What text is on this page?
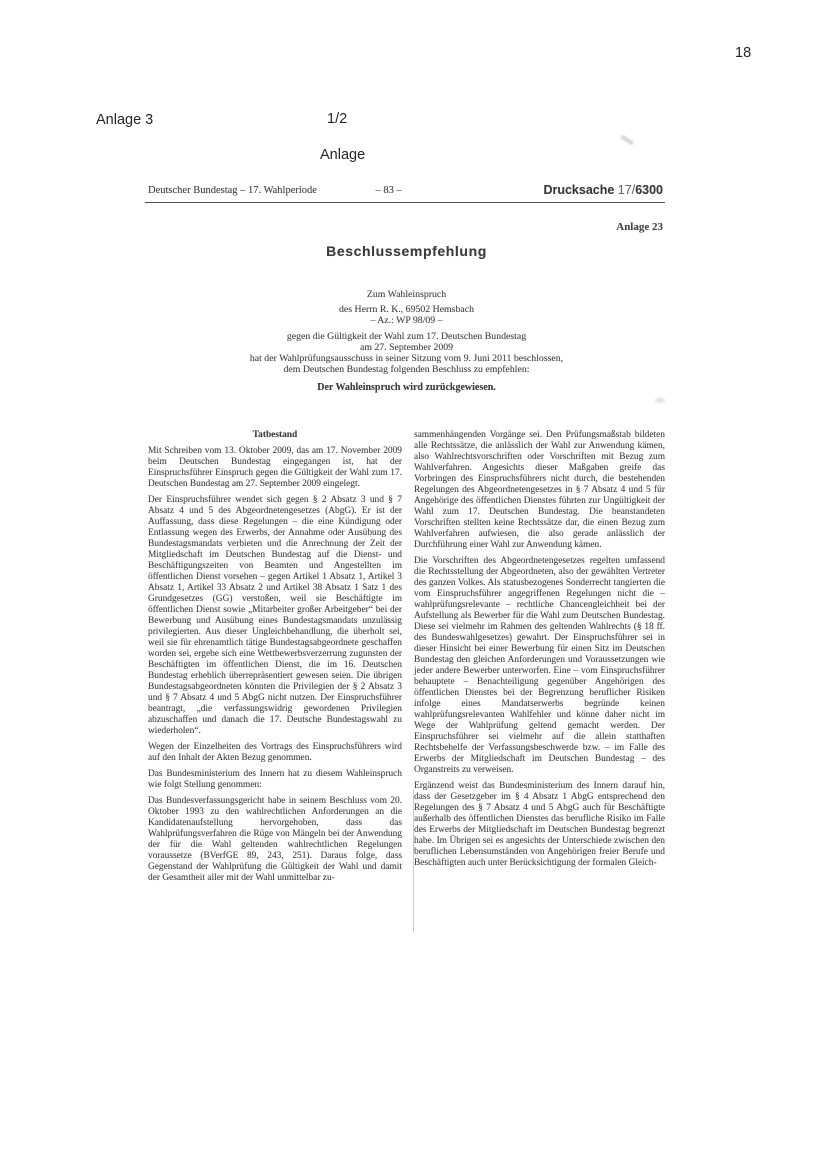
18
Anlage 3	1/2
Anlage
Deutscher Bundestag – 17. Wahlperiode	– 83 –	Drucksache 17/6300
Anlage 23
Beschlussempfehlung
Zum Wahleinspruch
des Herrn R. K., 69502 Hemsbach
– Az.: WP 98/09 –
gegen die Gültigkeit der Wahl zum 17. Deutschen Bundestag
am 27. September 2009
hat der Wahlprüfungsausschuss in seiner Sitzung vom 9. Juni 2011 beschlossen,
dem Deutschen Bundestag folgenden Beschluss zu empfehlen:
Der Wahleinspruch wird zurückgewiesen.

Tatbestand

Mit Schreiben vom 13. Oktober 2009, das am 17. November 2009 beim Deutschen Bundestag eingegangen ist, hat der Einspruchsführer Einspruch gegen die Gültigkeit der Wahl zum 17. Deutschen Bundestag am 27. September 2009 eingelegt.

Der Einspruchsführer wendet sich gegen § 2 Absatz 3 und § 7 Absatz 4 und 5 des Abgeordnetengesetzes (AbgG). Er ist der Auffassung, dass diese Regelungen – die eine Kündigung oder Entlassung wegen des Erwerbs, der Annahme oder Ausübung des Bundestagsmandats verbieten und die Anrechnung der Zeit der Mitgliedschaft im Deutschen Bundestag auf die Dienst- und Beschäftigungszeiten von Beamten und Angestellten im öffentlichen Dienst vorsehen – gegen Artikel 1 Absatz 1, Artikel 3 Absatz 1, Artikel 33 Absatz 2 und Artikel 38 Absatz 1 Satz 1 des Grundgesetzes (GG) verstoßen, weil sie Beschäftigte im öffentlichen Dienst sowie „Mitarbeiter großer Arbeitgeber“ bei der Bewerbung und Ausübung eines Bundestagsmandats unzulässig privilegierten. Aus dieser Ungleichbehandlung, die überholt sei, weil sie für ehrenamtlich tätige Bundestagsabgeordnete geschaffen worden sei, ergebe sich eine Wettbewerbsverzerrung zugunsten der Beschäftigten im öffentlichen Dienst, die im 16. Deutschen Bundestag erheblich überrepräsentiert gewesen seien. Die übrigen Bundestagsabgeordneten könnten die Privilegien der § 2 Absatz 3 und § 7 Absatz 4 und 5 AbgG nicht nutzen. Der Einspruchsführer beantragt, „die verfassungswidrig gewordenen Privilegien abzuschaffen und danach die 17. Deutsche Bundestagswahl zu wiederholen“.

Wegen der Einzelheiten des Vortrags des Einspruchsführers wird auf den Inhalt der Akten Bezug genommen.

Das Bundesministerium des Innern hat zu diesem Wahleinspruch wie folgt Stellung genommen:

Das Bundesverfassungsgericht habe in seinem Beschluss vom 20. Oktober 1993 zu den wahlrechtlichen Anforderungen an die Kandidatenaufstellung hervorgehoben, dass das Wahlprüfungsverfahren die Rüge von Mängeln bei der Anwendung der für die Wahl geltenden wahlrechtlichen Regelungen voraussetze (BVerfGE 89, 243, 251). Daraus folge, dass Gegenstand der Wahlprüfung die Gültigkeit der Wahl und damit der Gesamtheit aller mit der Wahl unmittelbar zu-

sammenhängenden Vorgänge sei. Den Prüfungsmaßstab bildeten alle Rechtssätze, die anlässlich der Wahl zur Anwendung kämen, also Wahlrechtsvorschriften oder Vorschriften mit Bezug zum Wahlverfahren. Angesichts dieser Maßgaben greife das Vorbringen des Einspruchsführers nicht durch, die bestehenden Regelungen des Abgeordnetengesetzes in § 7 Absatz 4 und 5 für Angehörige des öffentlichen Dienstes führten zur Ungültigkeit der Wahl zum 17. Deutschen Bundestag. Die beanstandeten Vorschriften stellten keine Rechtssätze dar, die einen Bezug zum Wahlverfahren aufwiesen, die also gerade anlässlich der Durchführung einer Wahl zur Anwendung kämen.

Die Vorschriften des Abgeordnetengesetzes regelten umfassend die Rechtsstellung der Abgeordneten, also der gewählten Vertreter des ganzen Volkes. Als statusbezogenes Sonderrecht tangierten die vom Einspruchsführer angegriffenen Regelungen nicht die – wahlprüfungsrelevante – rechtliche Chancengleichheit bei der Aufstellung als Bewerber für die Wahl zum Deutschen Bundestag. Diese sei vielmehr im Rahmen des geltenden Wahlrechts (§ 18 ff. des Bundeswahlgesetzes) gewahrt. Der Einspruchsführer sei in dieser Hinsicht bei einer Bewerbung für einen Sitz im Deutschen Bundestag den gleichen Anforderungen und Voraussetzungen wie jeder andere Bewerber unterworfen. Eine – vom Einspruchsführer behauptete – Benachteiligung gegenüber Angehörigen des öffentlichen Dienstes bei der Begrenzung beruflicher Risiken infolge eines Mandatserwerbs begründe keinen wahlprüfungsrelevanten Wahlfehler und könne daher nicht im Wege der Wahlprüfung geltend gemacht werden. Der Einspruchsführer sei vielmehr auf die allein statthaften Rechtsbehelfe der Verfassungsbeschwerde bzw. – im Falle des Erwerbs der Mitgliedschaft im Deutschen Bundestag – des Organstreits zu verweisen.

Ergänzend weist das Bundesministerium des Innern darauf hin, dass der Gesetzgeber im § 4 Absatz 1 AbgG entsprechend den Regelungen des § 7 Absatz 4 und 5 AbgG auch für Beschäftigte außerhalb des öffentlichen Dienstes das berufliche Risiko im Falle des Erwerbs der Mitgliedschaft im Deutschen Bundestag begrenzt habe. Im Übrigen sei es angesichts der Unterschiede zwischen den beruflichen Lebensumständen von Angehörigen freier Berufe und Beschäftigten auch unter Berücksichtigung der formalen Gleich-
